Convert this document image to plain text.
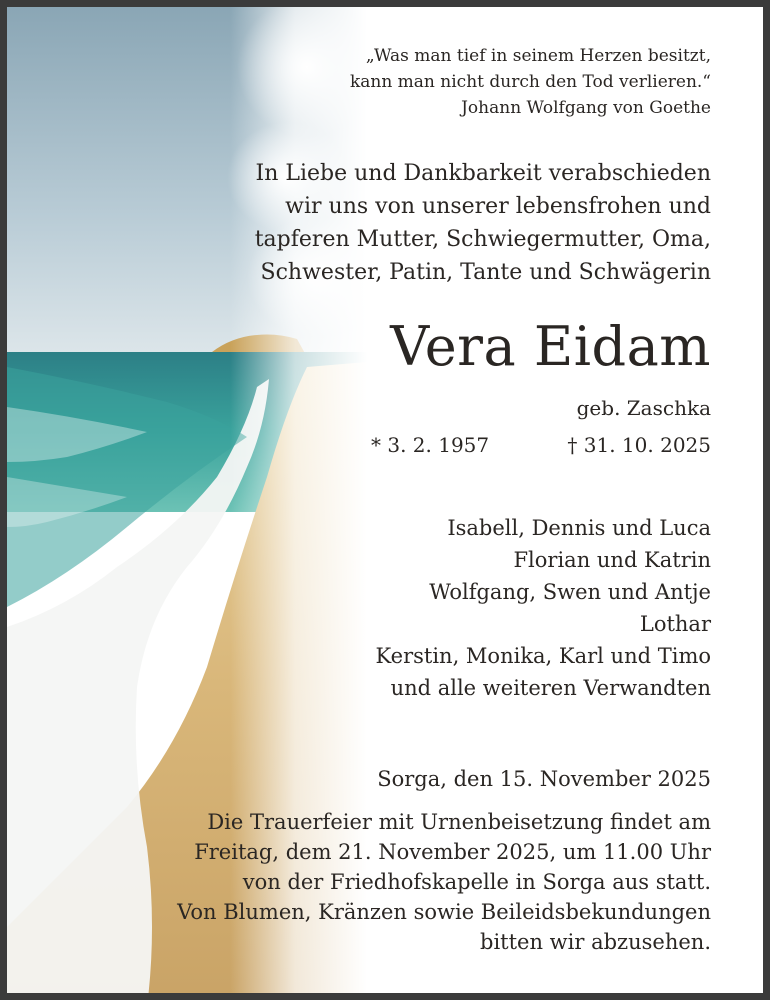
„Was man tief in seinem Herzen besitzt,
kann man nicht durch den Tod verlieren.“
Johann Wolfgang von Goethe
In Liebe und Dankbarkeit verabschieden
wir uns von unserer lebensfrohen und
tapferen Mutter, Schwiegermutter, Oma,
Schwester, Patin, Tante und Schwägerin
Vera Eidam
geb. Zaschka
* 3. 2. 1957	† 31. 10. 2025
Isabell, Dennis und Luca
Florian und Katrin
Wolfgang, Swen und Antje
Lothar
Kerstin, Monika, Karl und Timo
und alle weiteren Verwandten
Sorga, den 15. November 2025
Die Trauerfeier mit Urnenbeisetzung findet am
Freitag, dem 21. November 2025, um 11.00 Uhr
von der Friedhofskapelle in Sorga aus statt.
Von Blumen, Kränzen sowie Beileidsbekundungen
bitten wir abzusehen.
